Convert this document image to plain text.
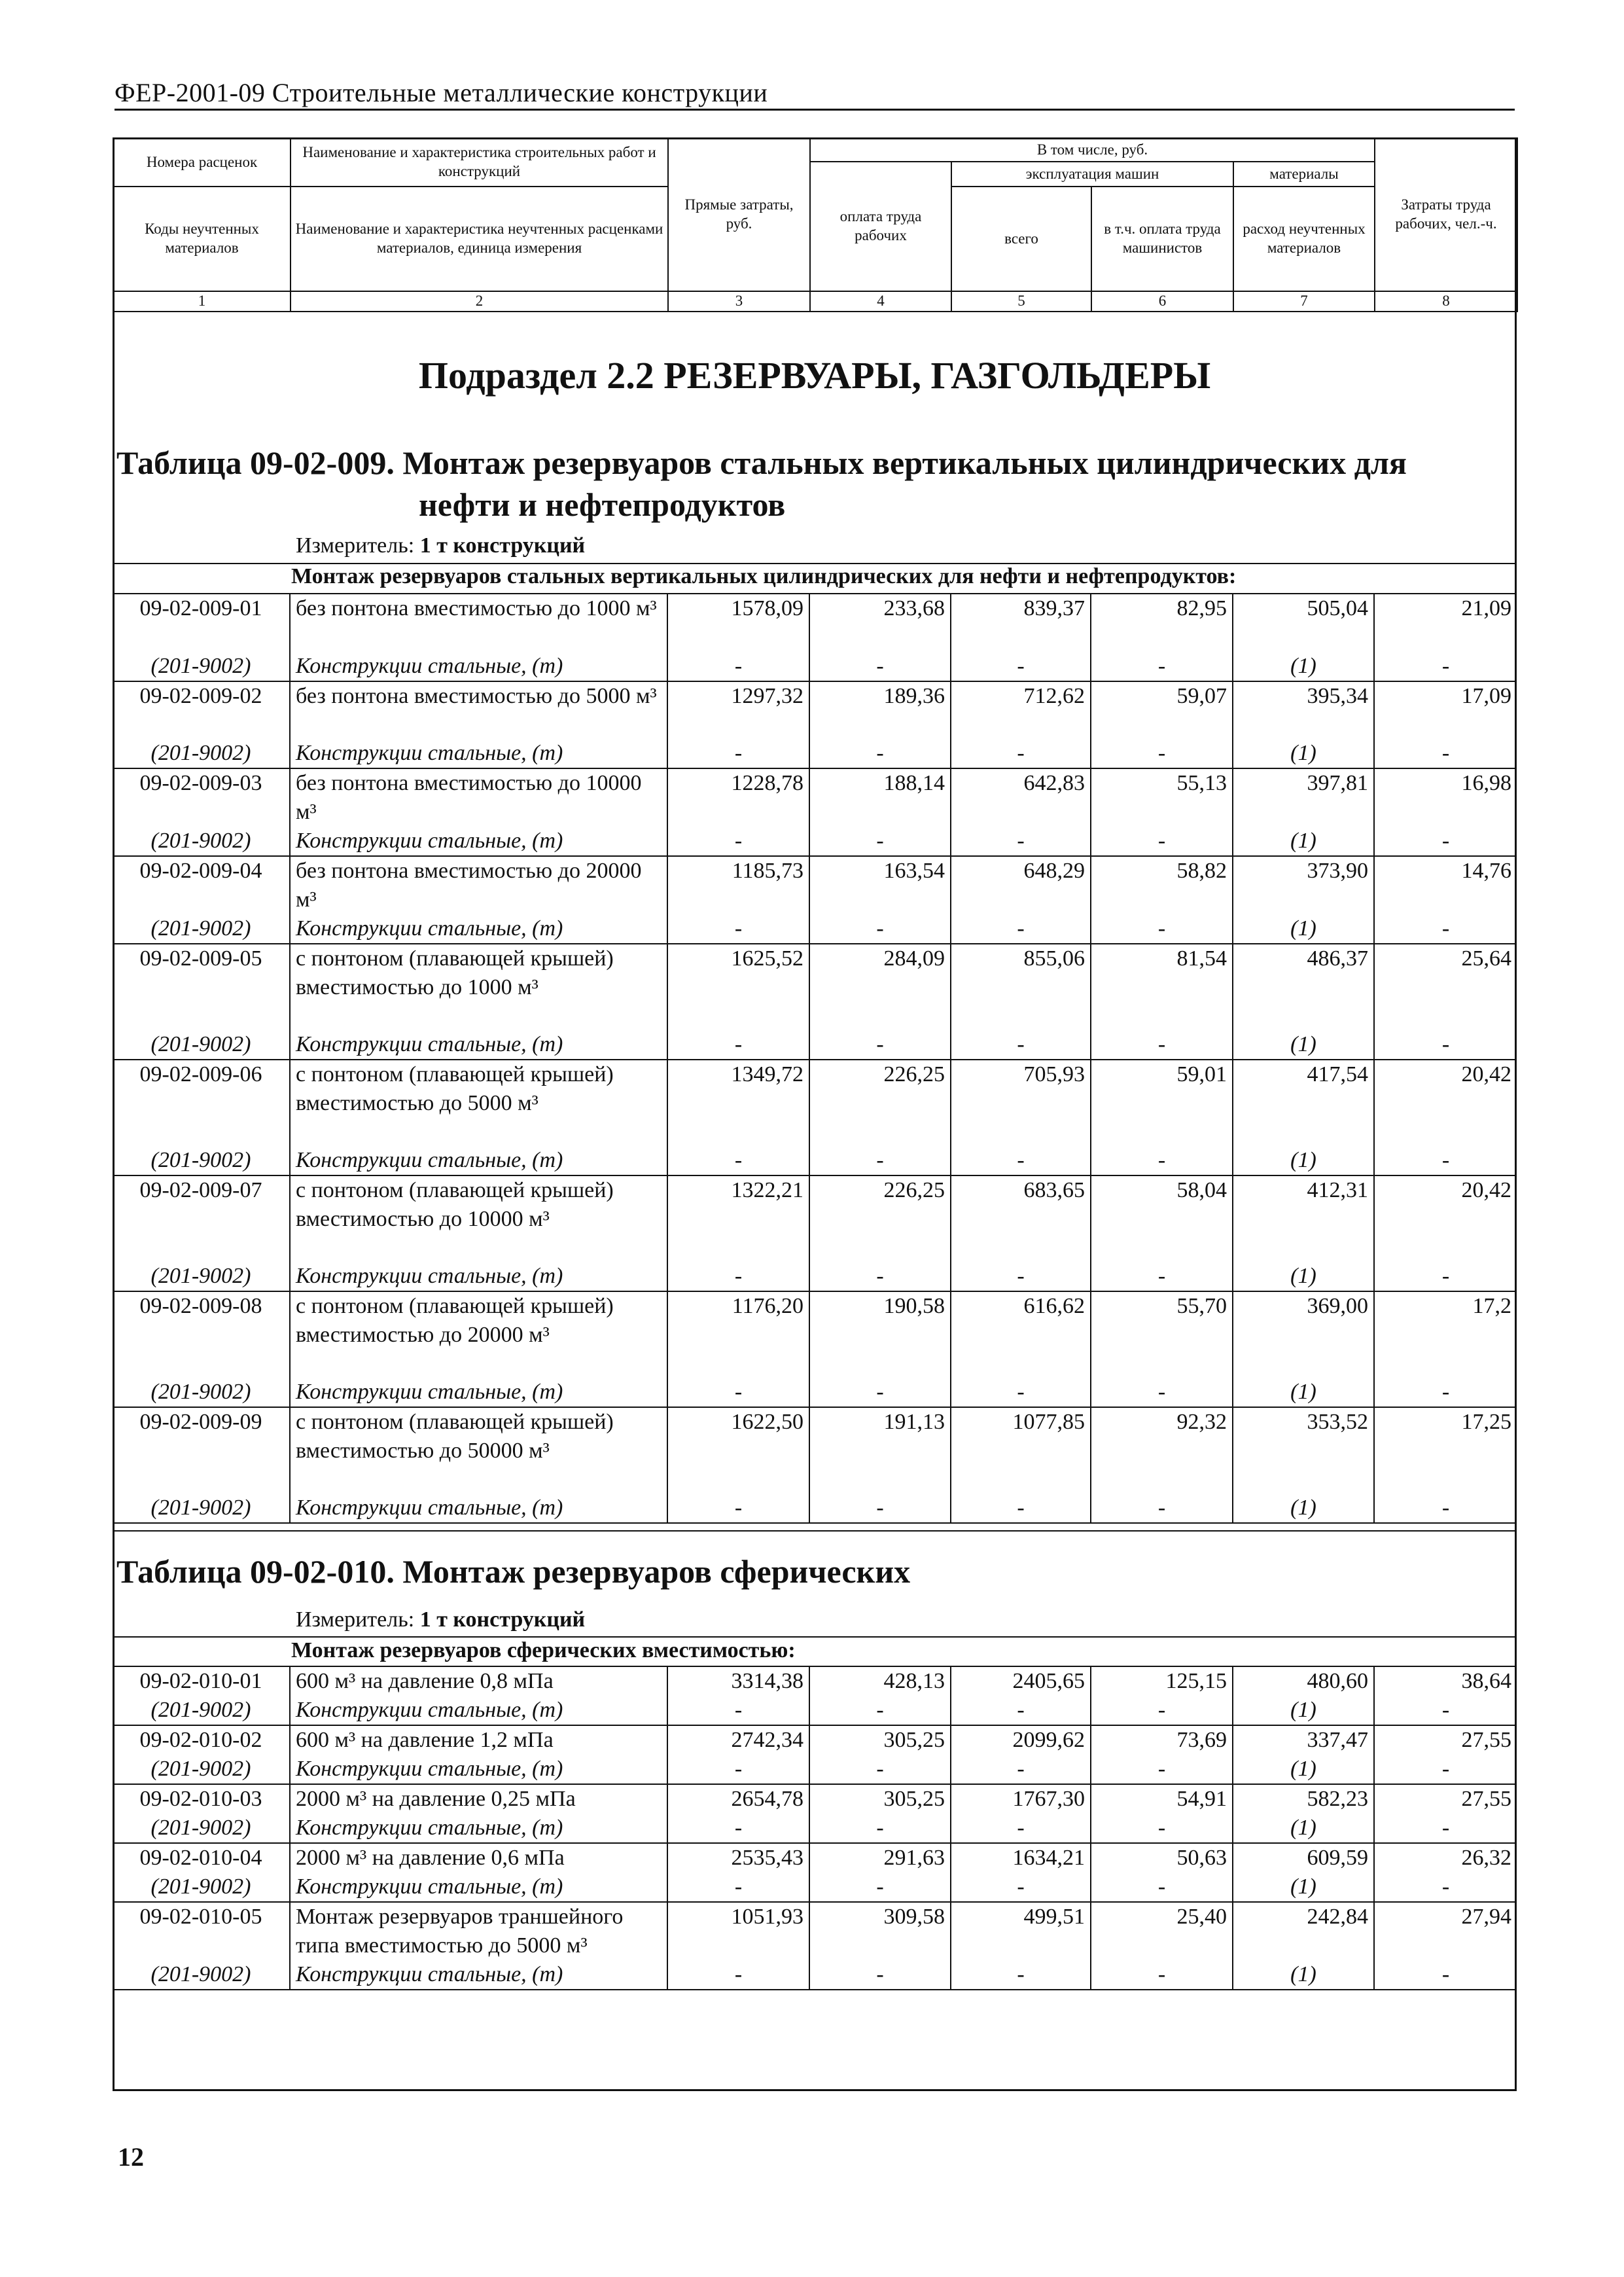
ФЕР-2001-09 Строительные металлические конструкции
Номера расценок	Наименование и характеристика строительных работ и конструкций	Прямые затраты, руб.	В том числе, руб.				Затраты труда рабочих, чел.-ч.
			оплата труда рабочих	эксплуатация машин		материалы	
Коды неучтенных материалов	Наименование и характеристика неучтенных расценками материалов, единица измерения			всего	в т.ч. оплата труда машинистов	расход неучтенных материалов	
1	2	3	4	5	6	7	8
Подраздел 2.2 РЕЗЕРВУАРЫ, ГАЗГОЛЬДЕРЫ
Таблица 09-02-009. Монтаж резервуаров стальных вертикальных цилиндрических для
нефти и нефтепродуктов
Измеритель: 1 т конструкций
Монтаж резервуаров стальных вертикальных цилиндрических для нефти и нефтепродуктов:
09-02-009-01	без понтона вместимостью до 1000 м³	1578,09	233,68	839,37	82,95	505,04	21,09
(201-9002)	Конструкции стальные, (т)	-	-	-	-	(1)	-
09-02-009-02	без понтона вместимостью до 5000 м³	1297,32	189,36	712,62	59,07	395,34	17,09
(201-9002)	Конструкции стальные, (т)	-	-	-	-	(1)	-
09-02-009-03	без понтона вместимостью до 10000 м³	1228,78	188,14	642,83	55,13	397,81	16,98
(201-9002)	Конструкции стальные, (т)	-	-	-	-	(1)	-
09-02-009-04	без понтона вместимостью до 20000 м³	1185,73	163,54	648,29	58,82	373,90	14,76
(201-9002)	Конструкции стальные, (т)	-	-	-	-	(1)	-
09-02-009-05	с понтоном (плавающей крышей) вместимостью до 1000 м³	1625,52	284,09	855,06	81,54	486,37	25,64
(201-9002)	Конструкции стальные, (т)	-	-	-	-	(1)	-
09-02-009-06	с понтоном (плавающей крышей) вместимостью до 5000 м³	1349,72	226,25	705,93	59,01	417,54	20,42
(201-9002)	Конструкции стальные, (т)	-	-	-	-	(1)	-
09-02-009-07	с понтоном (плавающей крышей) вместимостью до 10000 м³	1322,21	226,25	683,65	58,04	412,31	20,42
(201-9002)	Конструкции стальные, (т)	-	-	-	-	(1)	-
09-02-009-08	с понтоном (плавающей крышей) вместимостью до 20000 м³	1176,20	190,58	616,62	55,70	369,00	17,2
(201-9002)	Конструкции стальные, (т)	-	-	-	-	(1)	-
09-02-009-09	с понтоном (плавающей крышей) вместимостью до 50000 м³	1622,50	191,13	1077,85	92,32	353,52	17,25
(201-9002)	Конструкции стальные, (т)	-	-	-	-	(1)	-
Таблица 09-02-010. Монтаж резервуаров сферических
Измеритель: 1 т конструкций
Монтаж резервуаров сферических вместимостью:
09-02-010-01	600 м³ на давление 0,8 мПа	3314,38	428,13	2405,65	125,15	480,60	38,64
(201-9002)	Конструкции стальные, (т)	-	-	-	-	(1)	-
09-02-010-02	600 м³ на давление 1,2 мПа	2742,34	305,25	2099,62	73,69	337,47	27,55
(201-9002)	Конструкции стальные, (т)	-	-	-	-	(1)	-
09-02-010-03	2000 м³ на давление 0,25 мПа	2654,78	305,25	1767,30	54,91	582,23	27,55
(201-9002)	Конструкции стальные, (т)	-	-	-	-	(1)	-
09-02-010-04	2000 м³ на давление 0,6 мПа	2535,43	291,63	1634,21	50,63	609,59	26,32
(201-9002)	Конструкции стальные, (т)	-	-	-	-	(1)	-
09-02-010-05	Монтаж резервуаров траншейного типа вместимостью до 5000 м³	1051,93	309,58	499,51	25,40	242,84	27,94
(201-9002)	Конструкции стальные, (т)	-	-	-	-	(1)	-
12
